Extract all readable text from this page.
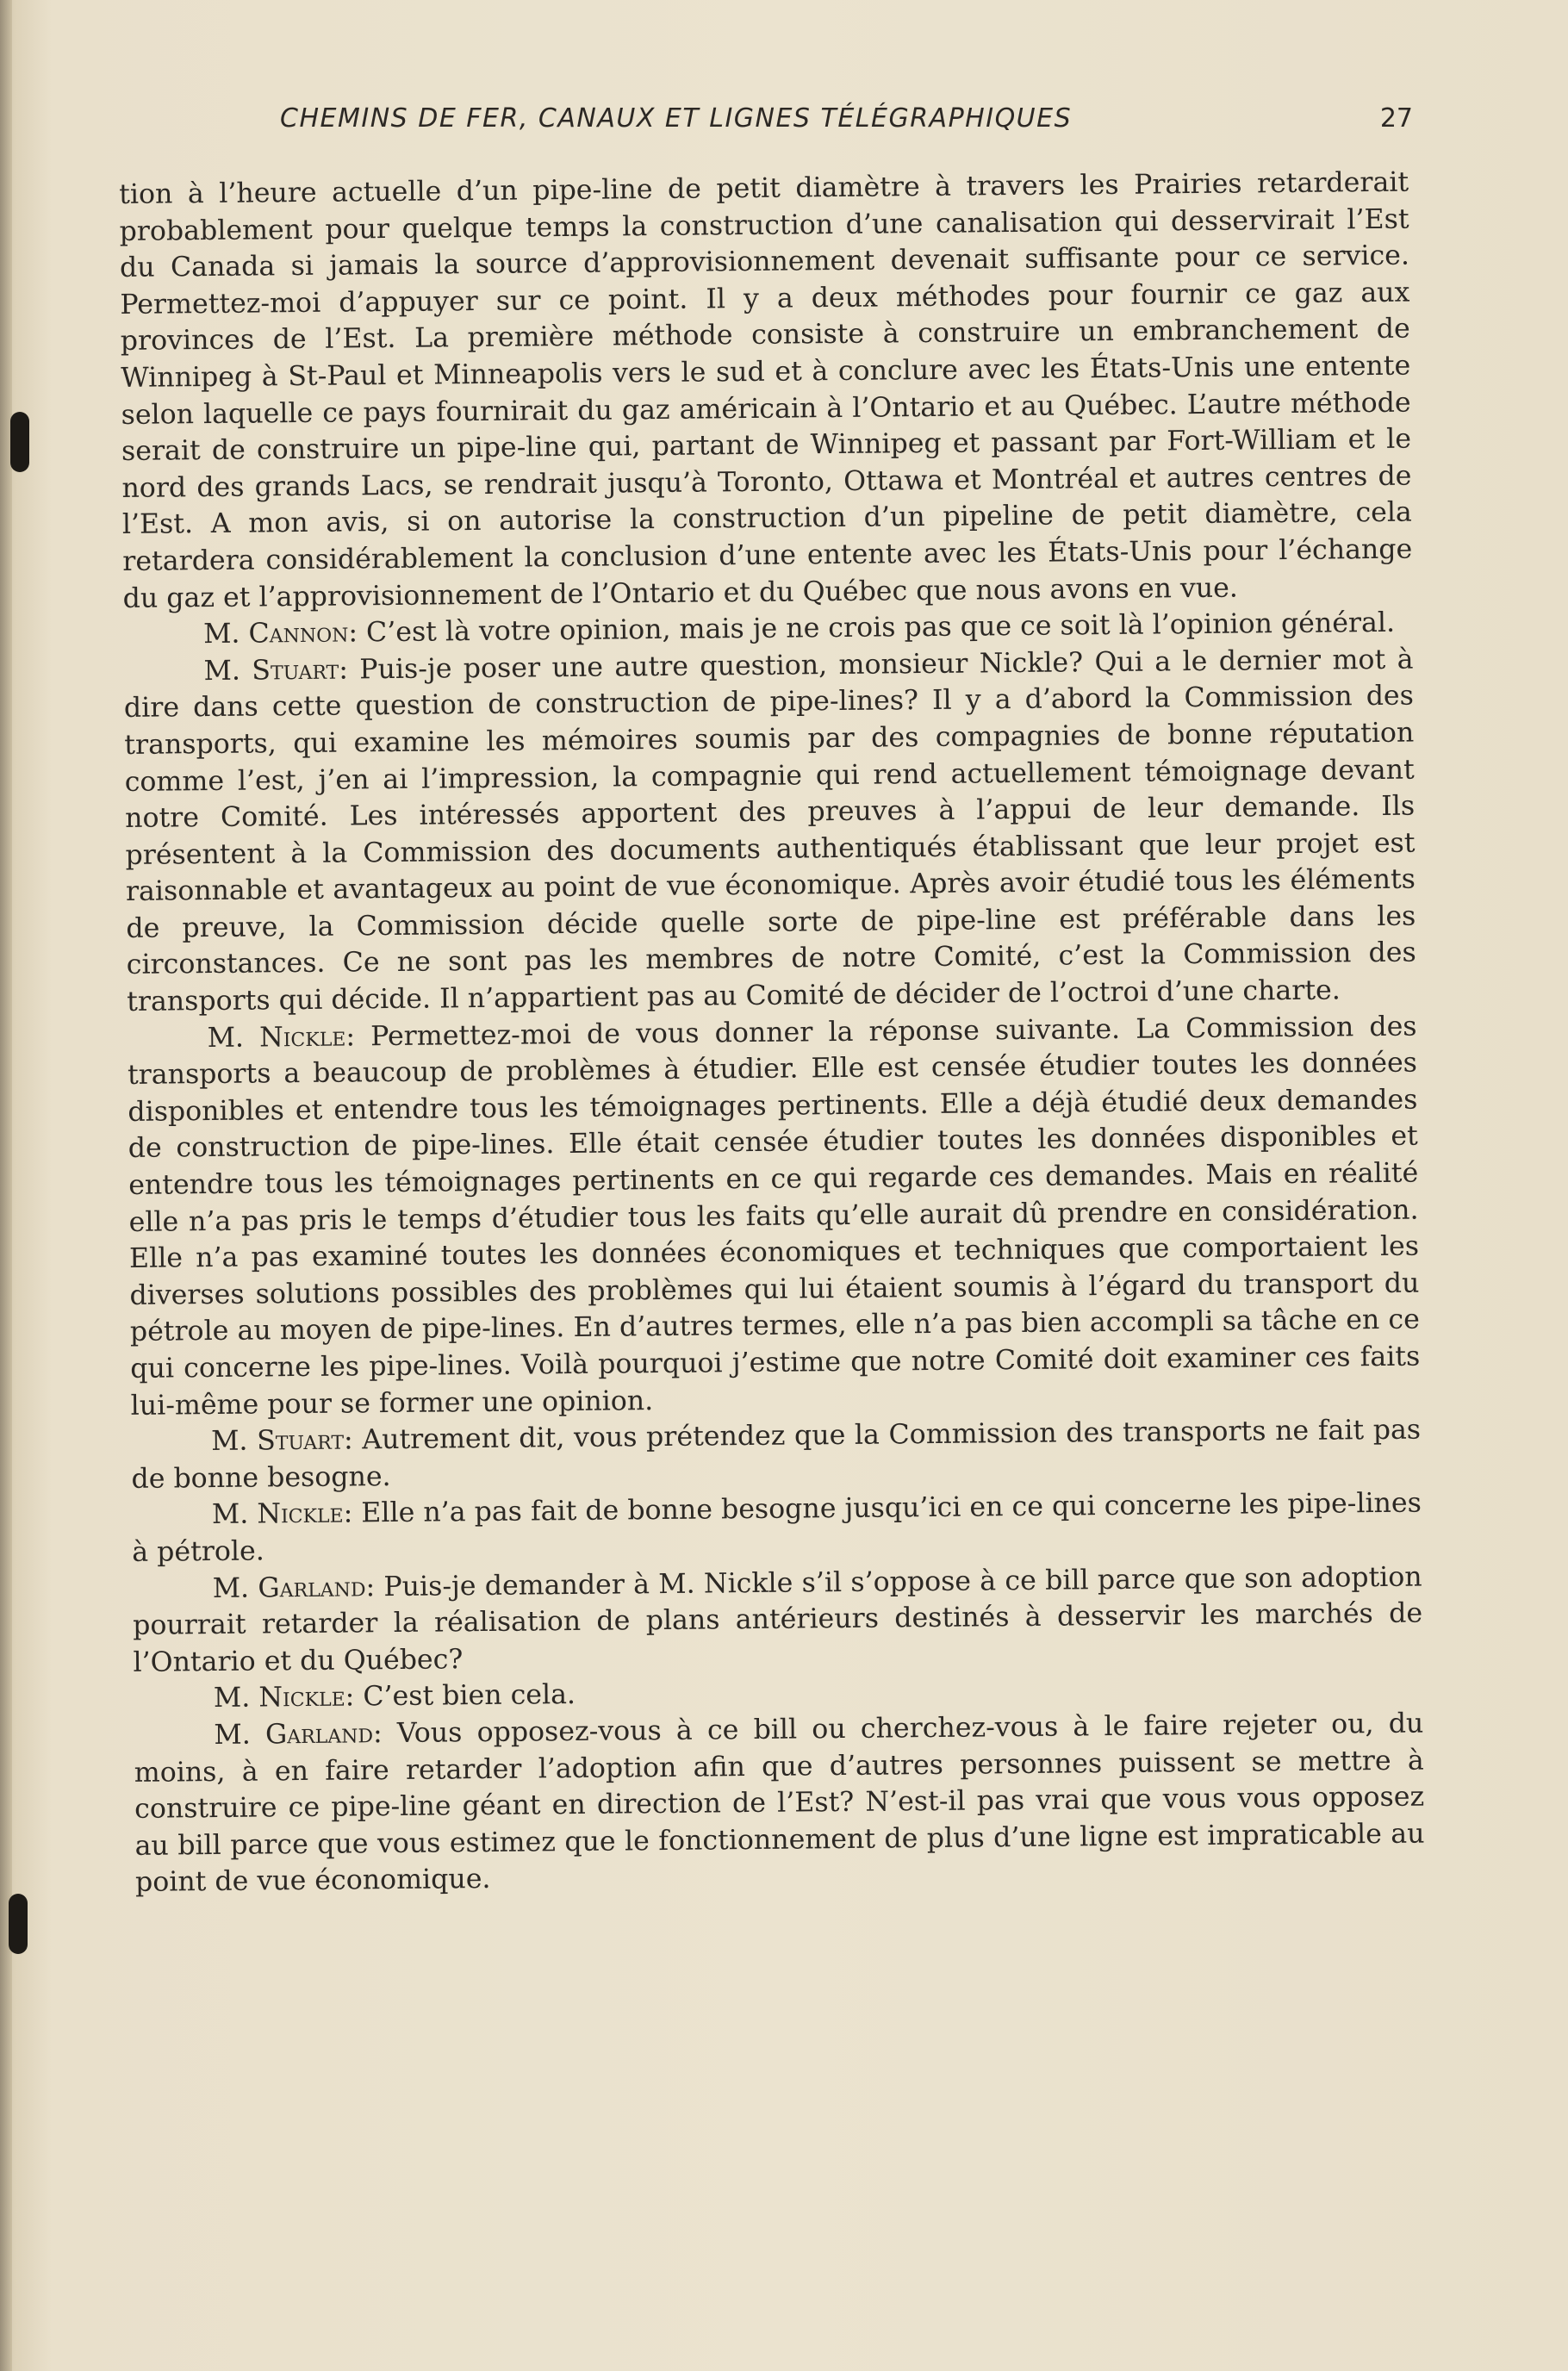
CHEMINS DE FER, CANAUX ET LIGNES TÉLÉGRAPHIQUES	27

tion à l’heure actuelle d’un pipe-line de petit diamètre à travers les Prairies retarderait probablement pour quelque temps la construction d’une canalisation qui desservirait l’Est du Canada si jamais la source d’approvisionnement devenait suffisante pour ce service. Permettez-moi d’appuyer sur ce point. Il y a deux méthodes pour fournir ce gaz aux provinces de l’Est. La première méthode consiste à construire un embranchement de Winnipeg à St-Paul et Minneapolis vers le sud et à conclure avec les États-Unis une entente selon laquelle ce pays fournirait du gaz américain à l’Ontario et au Québec. L’autre méthode serait de construire un pipe-line qui, partant de Winnipeg et passant par Fort-William et le nord des grands Lacs, se rendrait jusqu’à Toronto, Ottawa et Montréal et autres centres de l’Est. A mon avis, si on autorise la construction d’un pipeline de petit diamètre, cela retardera considérablement la conclusion d’une entente avec les États-Unis pour l’échange du gaz et l’approvisionnement de l’Ontario et du Québec que nous avons en vue.

M. Cannon: C’est là votre opinion, mais je ne crois pas que ce soit là l’opinion général.

M. Stuart: Puis-je poser une autre question, monsieur Nickle? Qui a le dernier mot à dire dans cette question de construction de pipe-lines? Il y a d’abord la Commission des transports, qui examine les mémoires soumis par des compagnies de bonne réputation comme l’est, j’en ai l’impression, la compagnie qui rend actuellement témoignage devant notre Comité. Les intéressés apportent des preuves à l’appui de leur demande. Ils présentent à la Commission des documents authentiqués établissant que leur projet est raisonnable et avantageux au point de vue économique. Après avoir étudié tous les éléments de preuve, la Commission décide quelle sorte de pipe-line est préférable dans les circonstances. Ce ne sont pas les membres de notre Comité, c’est la Commission des transports qui décide. Il n’appartient pas au Comité de décider de l’octroi d’une charte.

M. Nickle: Permettez-moi de vous donner la réponse suivante. La Commission des transports a beaucoup de problèmes à étudier. Elle est censée étudier toutes les données disponibles et entendre tous les témoignages pertinents. Elle a déjà étudié deux demandes de construction de pipe-lines. Elle était censée étudier toutes les données disponibles et entendre tous les témoignages pertinents en ce qui regarde ces demandes. Mais en réalité elle n’a pas pris le temps d’étudier tous les faits qu’elle aurait dû prendre en considération. Elle n’a pas examiné toutes les données économiques et techniques que comportaient les diverses solutions possibles des problèmes qui lui étaient soumis à l’égard du transport du pétrole au moyen de pipe-lines. En d’autres termes, elle n’a pas bien accompli sa tâche en ce qui concerne les pipe-lines. Voilà pourquoi j’estime que notre Comité doit examiner ces faits lui-même pour se former une opinion.

M. Stuart: Autrement dit, vous prétendez que la Commission des transports ne fait pas de bonne besogne.

M. Nickle: Elle n’a pas fait de bonne besogne jusqu’ici en ce qui concerne les pipe-lines à pétrole.

M. Garland: Puis-je demander à M. Nickle s’il s’oppose à ce bill parce que son adoption pourrait retarder la réalisation de plans antérieurs destinés à desservir les marchés de l’Ontario et du Québec?

M. Nickle: C’est bien cela.

M. Garland: Vous opposez-vous à ce bill ou cherchez-vous à le faire rejeter ou, du moins, à en faire retarder l’adoption afin que d’autres personnes puissent se mettre à construire ce pipe-line géant en direction de l’Est? N’est-il pas vrai que vous vous opposez au bill parce que vous estimez que le fonctionnement de plus d’une ligne est impraticable au point de vue économique.
